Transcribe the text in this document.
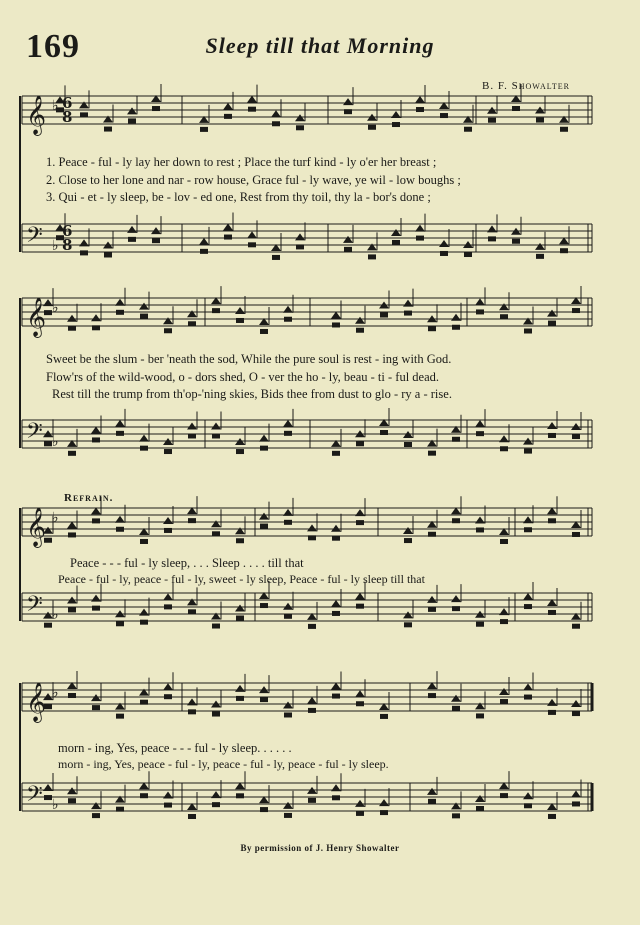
169	Sleep till that Morning
B. F. Showalter
𝄞 ♭
𝄢 ♭
𝄞 ♭
𝄢 ♭
𝄞 ♭
𝄢 ♭
𝄞 ♭
𝄢 ♭
6
8
6
8
1. Peace - ful - ly lay her down to rest ; Place the turf kind - ly o'er her breast ;
2. Close to her lone and nar - row house, Grace ful - ly wave, ye wil - low boughs ;
3. Qui - et - ly sleep, be - lov - ed one, Rest from thy toil, thy la - bor's done ;
Sweet be the slum - ber 'neath the sod, While the pure soul is rest - ing with God.
Flow'rs of the wild-wood, o - dors shed, O - ver the ho - ly, beau - ti - ful dead.
Rest till the trump from th'op-'ning skies, Bids thee from dust to glo - ry a - rise.
Refrain.
Peace - - - ful - ly sleep, . . . Sleep . . . . till that
Peace - ful - ly, peace - ful - ly, sweet - ly sleep, Peace - ful - ly sleep till that
morn - ing, Yes, peace - - - ful - ly sleep. . . . . .
morn - ing, Yes, peace - ful - ly, peace - ful - ly, peace - ful - ly sleep.
By permission of J. Henry Showalter
